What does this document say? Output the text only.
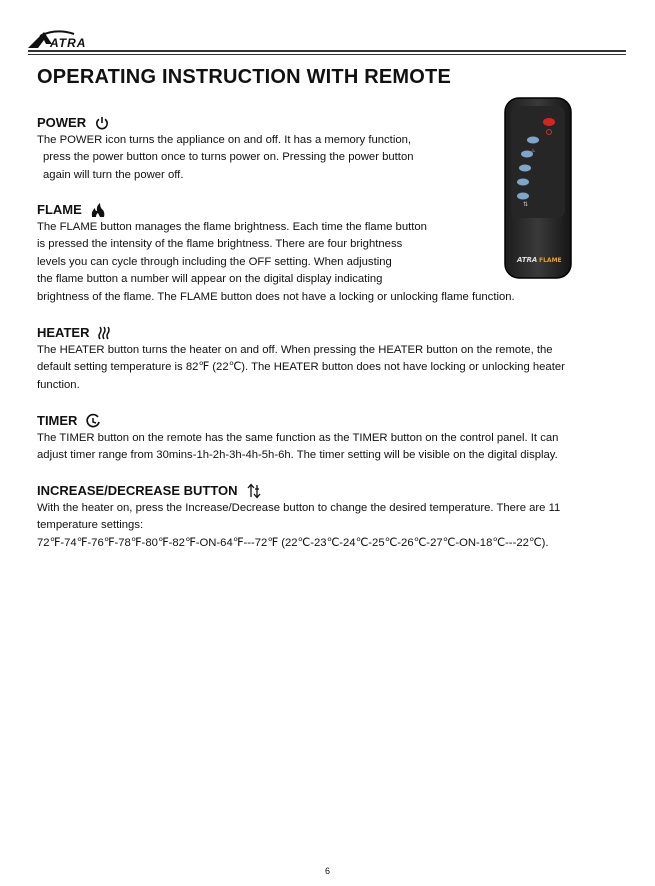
ATRA
OPERATING INSTRUCTION WITH REMOTE
♨
⇅
ATRA FLAME
POWER

The POWER icon turns the appliance on and off. It has a memory function,
press the power button once to turns power on. Pressing the power button
again will turn the power off.

FLAME

The FLAME button manages the flame brightness. Each time the flame button
is pressed the intensity of the flame brightness. There are four brightness
levels you can cycle through including the OFF setting. When adjusting
the flame button a number will appear on the digital display indicating
brightness of the flame. The FLAME button does not have a locking or unlocking flame function.

HEATER

The HEATER button turns the heater on and off. When pressing the HEATER button on the remote, the
default setting temperature is 82℉ (22℃). The HEATER button does not have locking or unlocking heater
function.

TIMER

The TIMER button on the remote has the same function as the TIMER button on the control panel. It can
adjust timer range from 30mins-1h-2h-3h-4h-5h-6h. The timer setting will be visible on the digital display.

INCREASE/DECREASE BUTTON

With the heater on, press the Increase/Decrease button to change the desired temperature. There are 11
temperature settings:
72℉-74℉-76℉-78℉-80℉-82℉-ON-64℉---72℉ (22℃-23℃-24℃-25℃-26℃-27℃-ON-18℃---22℃).

6
